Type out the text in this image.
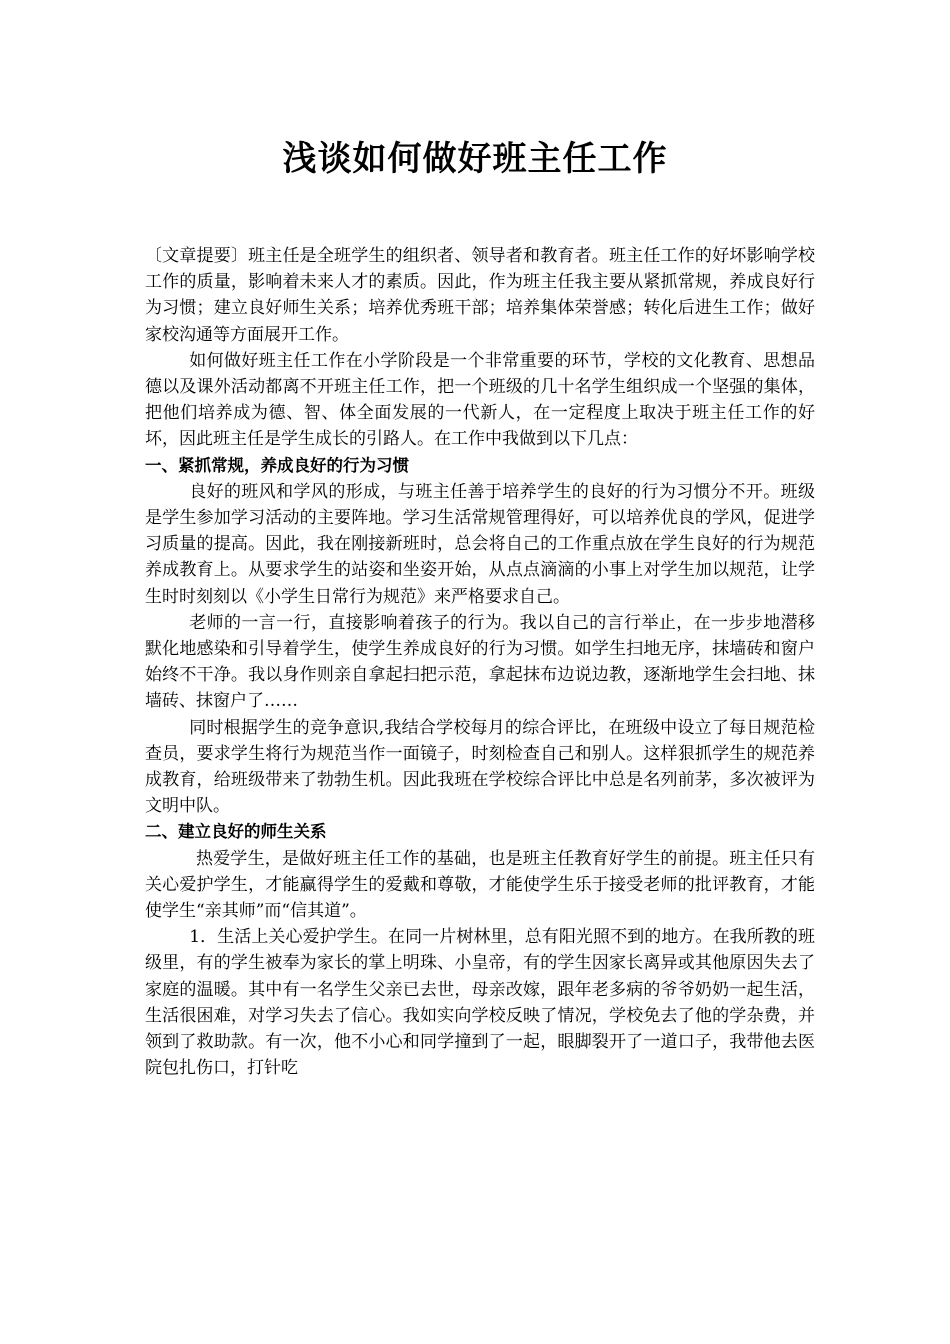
浅谈如何做好班主任工作

〔文章提要〕班主任是全班学生的组织者、领导者和教育者。班主任工作的好坏影响学校工作的质量，影响着未来人才的素质。因此，作为班主任我主要从紧抓常规，养成良好行为习惯；建立良好师生关系；培养优秀班干部；培养集体荣誉感；转化后进生工作；做好家校沟通等方面展开工作。

如何做好班主任工作在小学阶段是一个非常重要的环节，学校的文化教育、思想品德以及课外活动都离不开班主任工作，把一个班级的几十名学生组织成一个坚强的集体，把他们培养成为德、智、体全面发展的一代新人，在一定程度上取决于班主任工作的好坏，因此班主任是学生成长的引路人。在工作中我做到以下几点：

一、紧抓常规，养成良好的行为习惯

良好的班风和学风的形成，与班主任善于培养学生的良好的行为习惯分不开。班级是学生参加学习活动的主要阵地。学习生活常规管理得好，可以培养优良的学风，促进学习质量的提高。因此，我在刚接新班时，总会将自己的工作重点放在学生良好的行为规范养成教育上。从要求学生的站姿和坐姿开始，从点点滴滴的小事上对学生加以规范，让学生时时刻刻以《小学生日常行为规范》来严格要求自己。

老师的一言一行，直接影响着孩子的行为。我以自己的言行举止，在一步步地潜移默化地感染和引导着学生，使学生养成良好的行为习惯。如学生扫地无序，抹墙砖和窗户始终不干净。我以身作则亲自拿起扫把示范，拿起抹布边说边教，逐渐地学生会扫地、抹墙砖、抹窗户了……

同时根据学生的竞争意识,我结合学校每月的综合评比，在班级中设立了每日规范检查员，要求学生将行为规范当作一面镜子，时刻检查自己和别人。这样狠抓学生的规范养成教育，给班级带来了勃勃生机。因此我班在学校综合评比中总是名列前茅，多次被评为文明中队。

二、建立良好的师生关系

热爱学生，是做好班主任工作的基础，也是班主任教育好学生的前提。班主任只有关心爱护学生，才能赢得学生的爱戴和尊敬，才能使学生乐于接受老师的批评教育，才能使学生“亲其师”而“信其道”。

1．生活上关心爱护学生。在同一片树林里，总有阳光照不到的地方。在我所教的班级里，有的学生被奉为家长的掌上明珠、小皇帝，有的学生因家长离异或其他原因失去了家庭的温暖。其中有一名学生父亲已去世，母亲改嫁，跟年老多病的爷爷奶奶一起生活，生活很困难，对学习失去了信心。我如实向学校反映了情况，学校免去了他的学杂费，并领到了救助款。有一次，他不小心和同学撞到了一起，眼脚裂开了一道口子，我带他去医院包扎伤口，打针吃
